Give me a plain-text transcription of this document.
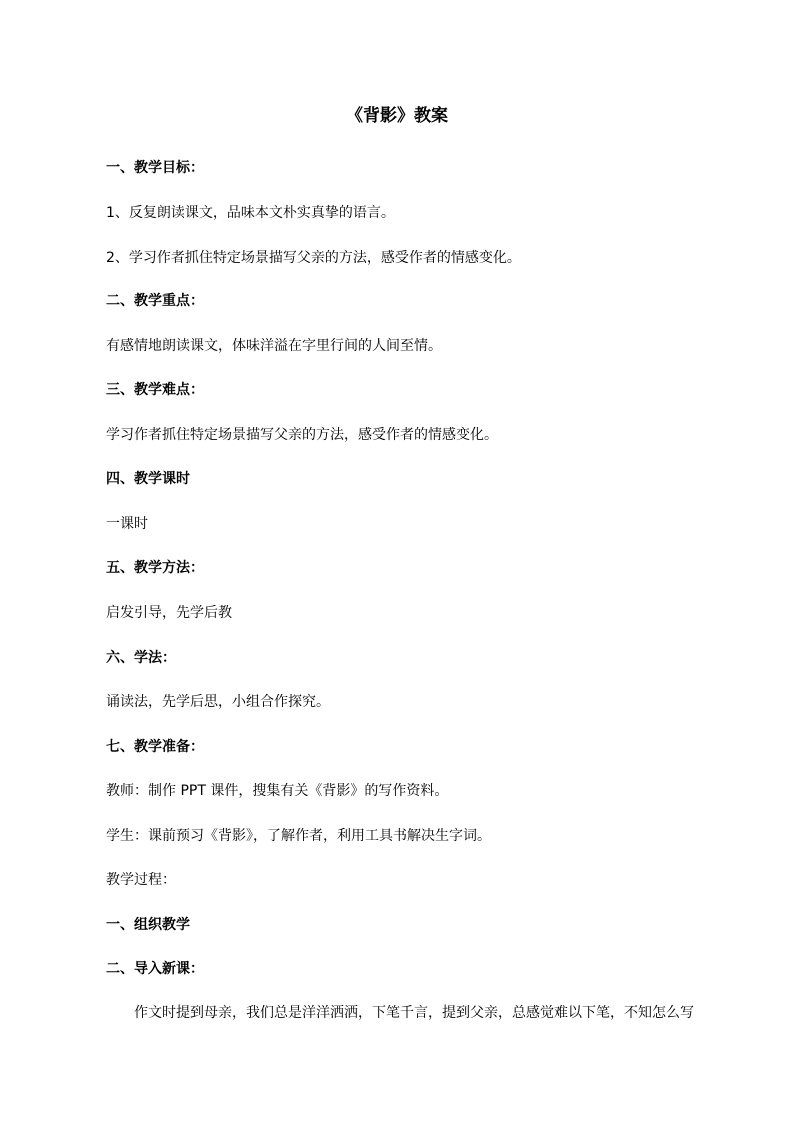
《背影》教案
一、教学目标：
1、反复朗读课文，品味本文朴实真挚的语言。
2、学习作者抓住特定场景描写父亲的方法，感受作者的情感变化。
二、教学重点：
有感情地朗读课文，体味洋溢在字里行间的人间至情。
三、教学难点：
学习作者抓住特定场景描写父亲的方法，感受作者的情感变化。
四、教学课时
一课时
五、教学方法：
启发引导，先学后教
六、学法：
诵读法，先学后思，小组合作探究。
七、教学准备：
教师：制作 PPT 课件，搜集有关《背影》的写作资料。
学生：课前预习《背影》，了解作者，利用工具书解决生字词。
教学过程：
一、组织教学
二、导入新课：
作文时提到母亲，我们总是洋洋洒洒，下笔千言，提到父亲，总感觉难以下笔，不知怎么写
